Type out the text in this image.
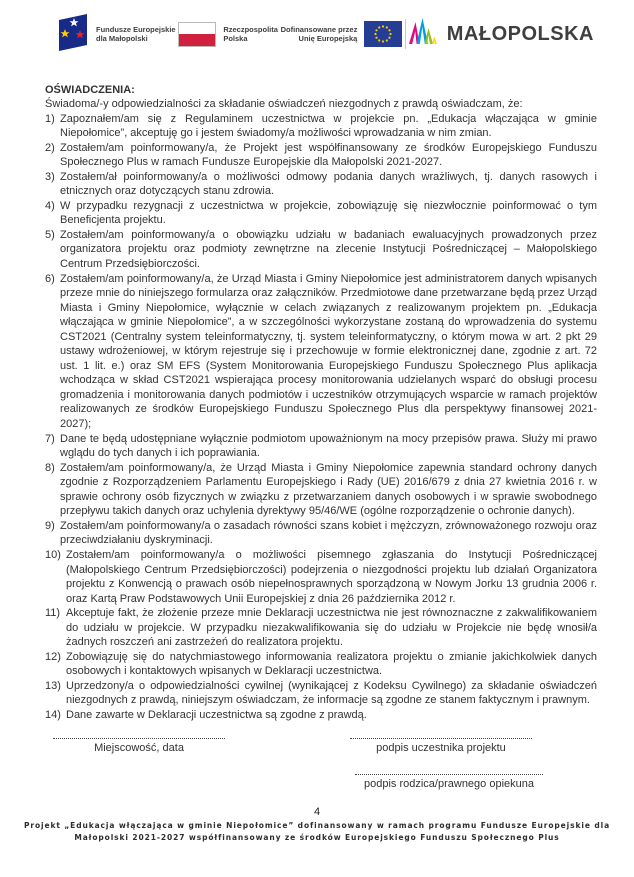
Fundusze Europejskie
dla Małopolski
Rzeczpospolita
Polska
Dofinansowane przez
Unię Europejską	MAŁOPOLSKA

OŚWIADCZENIA:

Świadoma/-y odpowiedzialności za składanie oświadczeń niezgodnych z prawdą oświadczam, że:
1) Zapoznałem/am się z Regulaminem uczestnictwa w projekcie pn. „Edukacja włączająca w gminie Niepołomice”, akceptuję go i jestem świadomy/a możliwości wprowadzania w nim zmian.
2) Zostałem/am poinformowany/a, że Projekt jest współfinansowany ze środków Europejskiego Funduszu Społecznego Plus w ramach Fundusze Europejskie dla Małopolski 2021-2027.
3) Zostałem/ał poinformowany/a o możliwości odmowy podania danych wrażliwych, tj. danych rasowych i etnicznych oraz dotyczących stanu zdrowia.
4) W przypadku rezygnacji z uczestnictwa w projekcie, zobowiązuję się niezwłocznie poinformować o tym Beneficjenta projektu.
5) Zostałem/am poinformowany/a o obowiązku udziału w badaniach ewaluacyjnych prowadzonych przez organizatora projektu oraz podmioty zewnętrzne na zlecenie Instytucji Pośredniczącej – Małopolskiego Centrum Przedsiębiorczości.
6) Zostałem/am poinformowany/a, że Urząd Miasta i Gminy Niepołomice jest administratorem danych wpisanych przeze mnie do niniejszego formularza oraz załączników. Przedmiotowe dane przetwarzane będą przez Urząd Miasta i Gminy Niepołomice, wyłącznie w celach związanych z realizowanym projektem pn. „Edukacja włączająca w gminie Niepołomice”, a w szczególności wykorzystane zostaną do wprowadzenia do systemu CST2021 (Centralny system teleinformatyczny, tj. system teleinformatyczny, o którym mowa w art. 2 pkt 29 ustawy wdrożeniowej, w którym rejestruje się i przechowuje w formie elektronicznej dane, zgodnie z art. 72 ust. 1 lit. e.) oraz SM EFS (System Monitorowania Europejskiego Funduszu Społecznego Plus aplikacja wchodząca w skład CST2021 wspierająca procesy monitorowania udzielanych wsparć do obsługi procesu gromadzenia i monitorowania danych podmiotów i uczestników otrzymujących wsparcie w ramach projektów realizowanych ze środków Europejskiego Funduszu Społecznego Plus dla perspektywy finansowej 2021-2027);
7) Dane te będą udostępniane wyłącznie podmiotom upoważnionym na mocy przepisów prawa. Służy mi prawo wglądu do tych danych i ich poprawiania.
8) Zostałem/am poinformowany/a, że Urząd Miasta i Gminy Niepołomice zapewnia standard ochrony danych zgodnie z Rozporządzeniem Parlamentu Europejskiego i Rady (UE) 2016/679 z dnia 27 kwietnia 2016 r. w sprawie ochrony osób fizycznych w związku z przetwarzaniem danych osobowych i w sprawie swobodnego przepływu takich danych oraz uchylenia dyrektywy 95/46/WE (ogólne rozporządzenie o ochronie danych).
9) Zostałem/am poinformowany/a o zasadach równości szans kobiet i mężczyzn, zrównoważonego rozwoju oraz przeciwdziałaniu dyskryminacji.
10) Zostałem/am poinformowany/a o możliwości pisemnego zgłaszania do Instytucji Pośredniczącej (Małopolskiego Centrum Przedsiębiorczości) podejrzenia o niezgodności projektu lub działań Organizatora projektu z Konwencją o prawach osób niepełnosprawnych sporządzoną w Nowym Jorku 13 grudnia 2006 r. oraz Kartą Praw Podstawowych Unii Europejskiej z dnia 26 października 2012 r.
11) Akceptuje fakt, że złożenie przeze mnie Deklaracji uczestnictwa nie jest równoznaczne z zakwalifikowaniem do udziału w projekcie. W przypadku niezakwalifikowania się do udziału w Projekcie nie będę wnosił/a żadnych roszczeń ani zastrzeżeń do realizatora projektu.
12) Zobowiązuję się do natychmiastowego informowania realizatora projektu o zmianie jakichkolwiek danych osobowych i kontaktowych wpisanych w Deklaracji uczestnictwa.
13) Uprzedzony/a o odpowiedzialności cywilnej (wynikającej z Kodeksu Cywilnego) za składanie oświadczeń niezgodnych z prawdą, niniejszym oświadczam, że informacje są zgodne ze stanem faktycznym i prawnym.
14) Dane zawarte w Deklaracji uczestnictwa są zgodne z prawdą.
Miejscowość, data	podpis uczestnika projektu
podpis rodzica/prawnego opiekuna
4
Projekt „Edukacja włączająca w gminie Niepołomice” dofinansowany w ramach programu Fundusze Europejskie dla
Małopolski 2021-2027 współfinansowany ze środków Europejskiego Funduszu Społecznego Plus
